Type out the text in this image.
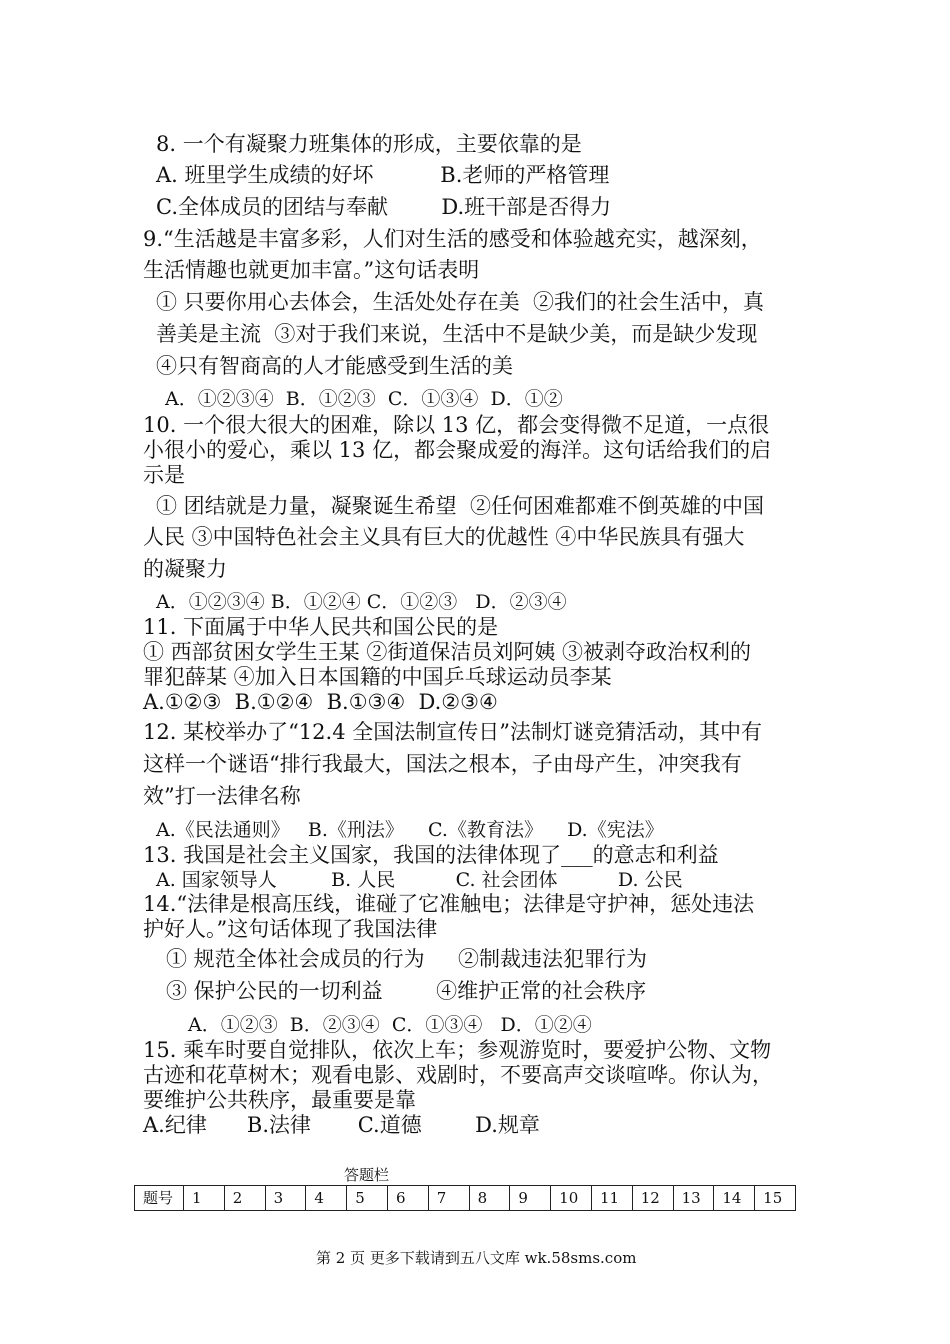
8. 一个有凝聚力班集体的形成，主要依靠的是
A. 班里学生成绩的好坏          B.老师的严格管理
C.全体成员的团结与奉献        D.班干部是否得力
9.“生活越是丰富多彩，人们对生活的感受和体验越充实，越深刻，
生活情趣也就更加丰富。”这句话表明
① 只要你用心去体会，生活处处存在美  ②我们的社会生活中，真
善美是主流  ③对于我们来说，生活中不是缺少美，而是缺少发现
④只有智商高的人才能感受到生活的美
A．①②③④  B．①②③  C．①③④  D．①②
10. 一个很大很大的困难，除以 13 亿，都会变得微不足道，一点很
小很小的爱心，乘以 13 亿，都会聚成爱的海洋。这句话给我们的启
示是
① 团结就是力量，凝聚诞生希望  ②任何困难都难不倒英雄的中国
人民 ③中国特色社会主义具有巨大的优越性 ④中华民族具有强大
的凝聚力
A．①②③④ B．①②④ C．①②③   D．②③④
11. 下面属于中华人民共和国公民的是
① 西部贫困女学生王某 ②街道保洁员刘阿姨 ③被剥夺政治权利的
罪犯薛某 ④加入日本国籍的中国乒乓球运动员李某
A.①②③  B.①②④  B.①③④  D.②③④
12. 某校举办了“12.4 全国法制宣传日”法制灯谜竞猜活动，其中有
这样一个谜语“排行我最大，国法之根本，子由母产生，冲突我有
效”打一法律名称
A.《民法通则》   B.《刑法》    C.《教育法》    D.《宪法》
13. 我国是社会主义国家，我国的法律体现了___的意志和利益
A. 国家领导人         B. 人民          C. 社会团体          D. 公民
14.“法律是根高压线，谁碰了它准触电；法律是守护神，惩处违法
护好人。”这句话体现了我国法律
① 规范全体社会成员的行为     ②制裁违法犯罪行为
③ 保护公民的一切利益        ④维护正常的社会秩序
A．①②③  B．②③④  C．①③④   D．①②④
15. 乘车时要自觉排队，依次上车；参观游览时，要爱护公物、文物
古迹和花草树木；观看电影、戏剧时，不要高声交谈喧哗。你认为，
要维护公共秩序，最重要是靠
A.纪律      B.法律       C.道德        D.规章
答题栏
题号	1	2	3	4	5	6	7	8	9	10	11	12	13	14	15
第 2 页 更多下载请到五八文库 wk.58sms.com
